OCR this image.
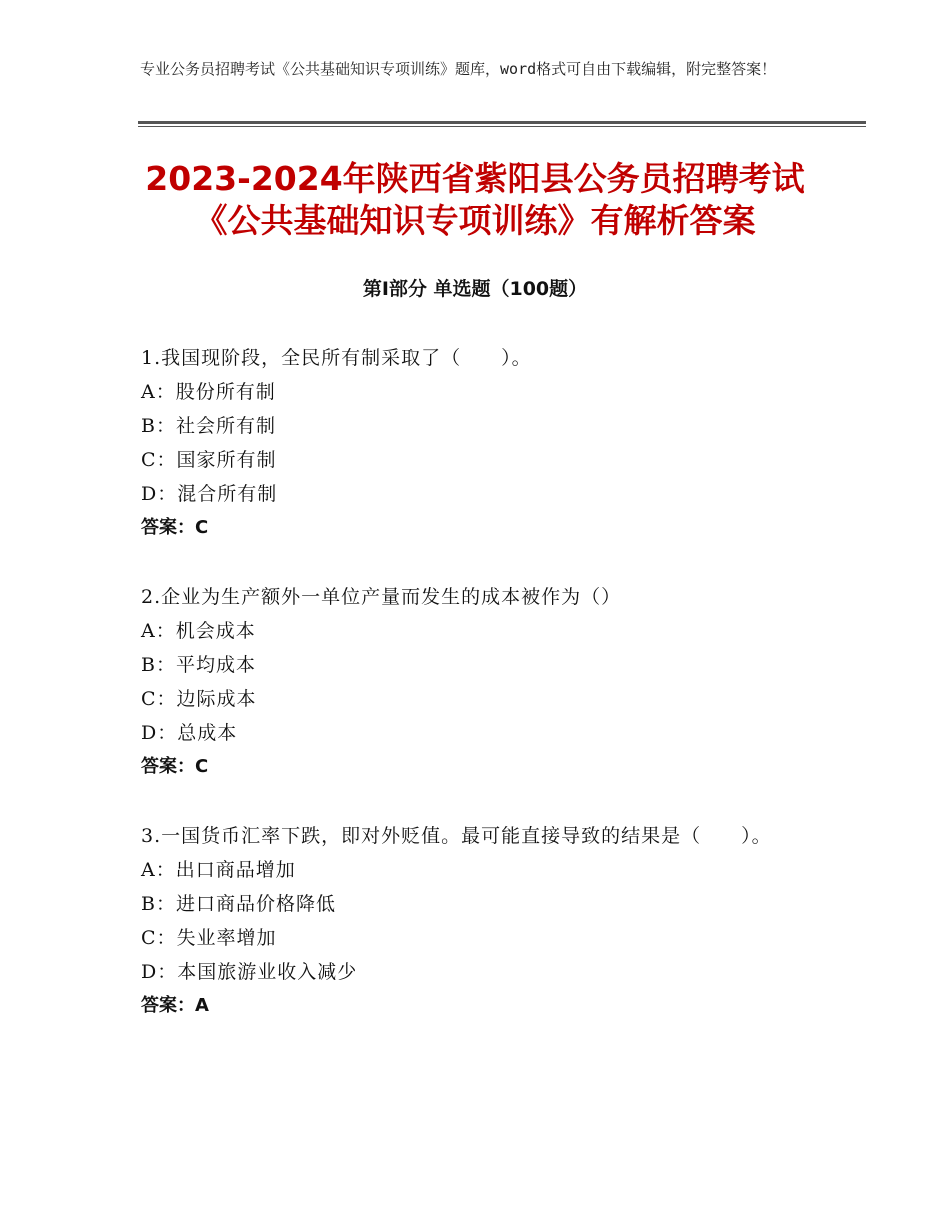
专业公务员招聘考试《公共基础知识专项训练》题库，word格式可自由下载编辑，附完整答案！
2023-2024年陕西省紫阳县公务员招聘考试
《公共基础知识专项训练》有解析答案
第Ⅰ部分 单选题（100题）

1.我国现阶段，全民所有制采取了（　　）。

A：股份所有制

B：社会所有制

C：国家所有制

D：混合所有制

答案：C

2.企业为生产额外一单位产量而发生的成本被作为（）

A：机会成本

B：平均成本

C：边际成本

D：总成本

答案：C

3.一国货币汇率下跌，即对外贬值。最可能直接导致的结果是（　　）。

A：出口商品增加

B：进口商品价格降低

C：失业率增加

D：本国旅游业收入减少

答案：A
